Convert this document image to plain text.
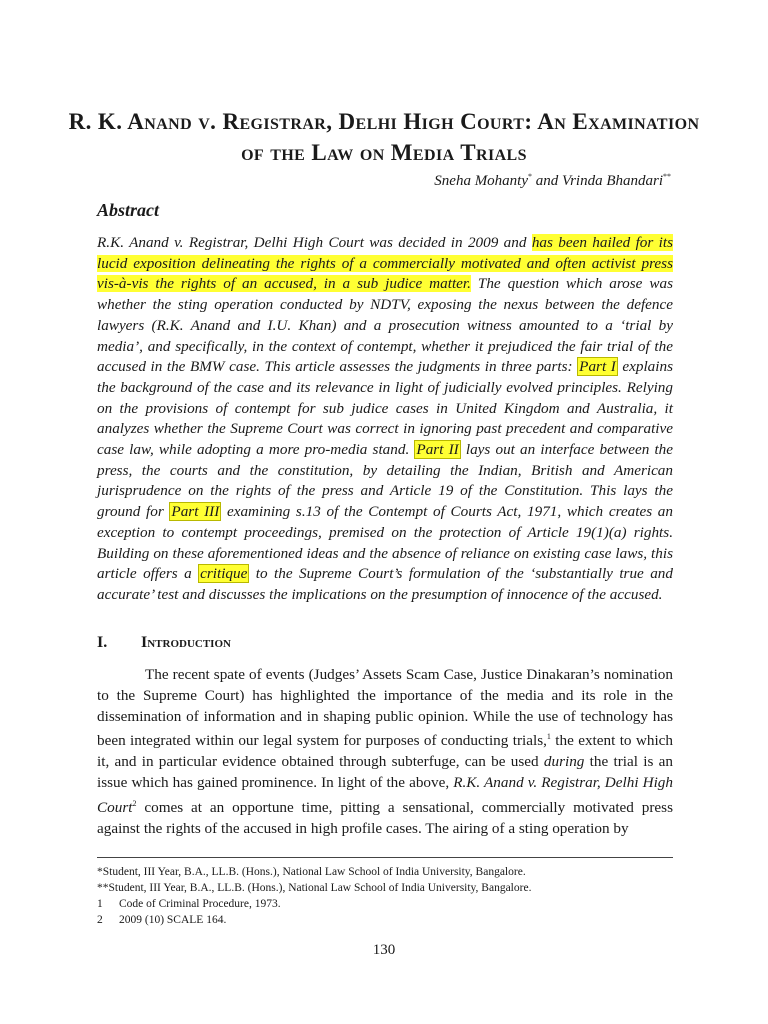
R. K. Anand v. Registrar, Delhi High Court: An Examination of the Law on Media Trials
Sneha Mohanty* and Vrinda Bhandari**
Abstract
R.K. Anand v. Registrar, Delhi High Court was decided in 2009 and has been hailed for its lucid exposition delineating the rights of a commercially motivated and often activist press vis-à-vis the rights of an accused, in a sub judice matter. The question which arose was whether the sting operation conducted by NDTV, exposing the nexus between the defence lawyers (R.K. Anand and I.U. Khan) and a prosecution witness amounted to a ‘trial by media’, and specifically, in the context of contempt, whether it prejudiced the fair trial of the accused in the BMW case. This article assesses the judgments in three parts: Part I explains the background of the case and its relevance in light of judicially evolved principles. Relying on the provisions of contempt for sub judice cases in United Kingdom and Australia, it analyzes whether the Supreme Court was correct in ignoring past precedent and comparative case law, while adopting a more pro-media stand. Part II lays out an interface between the press, the courts and the constitution, by detailing the Indian, British and American jurisprudence on the rights of the press and Article 19 of the Constitution. This lays the ground for Part III examining s.13 of the Contempt of Courts Act, 1971, which creates an exception to contempt proceedings, premised on the protection of Article 19(1)(a) rights. Building on these aforementioned ideas and the absence of reliance on existing case laws, this article offers a critique to the Supreme Court’s formulation of the ‘substantially true and accurate’ test and discusses the implications on the presumption of innocence of the accused.
I. Introduction

The recent spate of events (Judges’ Assets Scam Case, Justice Dinakaran’s nomination to the Supreme Court) has highlighted the importance of the media and its role in the dissemination of information and in shaping public opinion. While the use of technology has been integrated within our legal system for purposes of conducting trials,$^1$ the extent to which it, and in particular evidence obtained through subterfuge, can be used during the trial is an issue which has gained prominence. In light of the above, R.K. Anand v. Registrar, Delhi High Court$^2$ comes at an opportune time, pitting a sensational, commercially motivated press against the rights of the accused in high profile cases. The airing of a sting operation by

*Student, III Year, B.A., LL.B. (Hons.), National Law School of India University, Bangalore.
**Student, III Year, B.A., LL.B. (Hons.), National Law School of India University, Bangalore.
1 Code of Criminal Procedure, 1973.
2 2009 (10) SCALE 164.
130
